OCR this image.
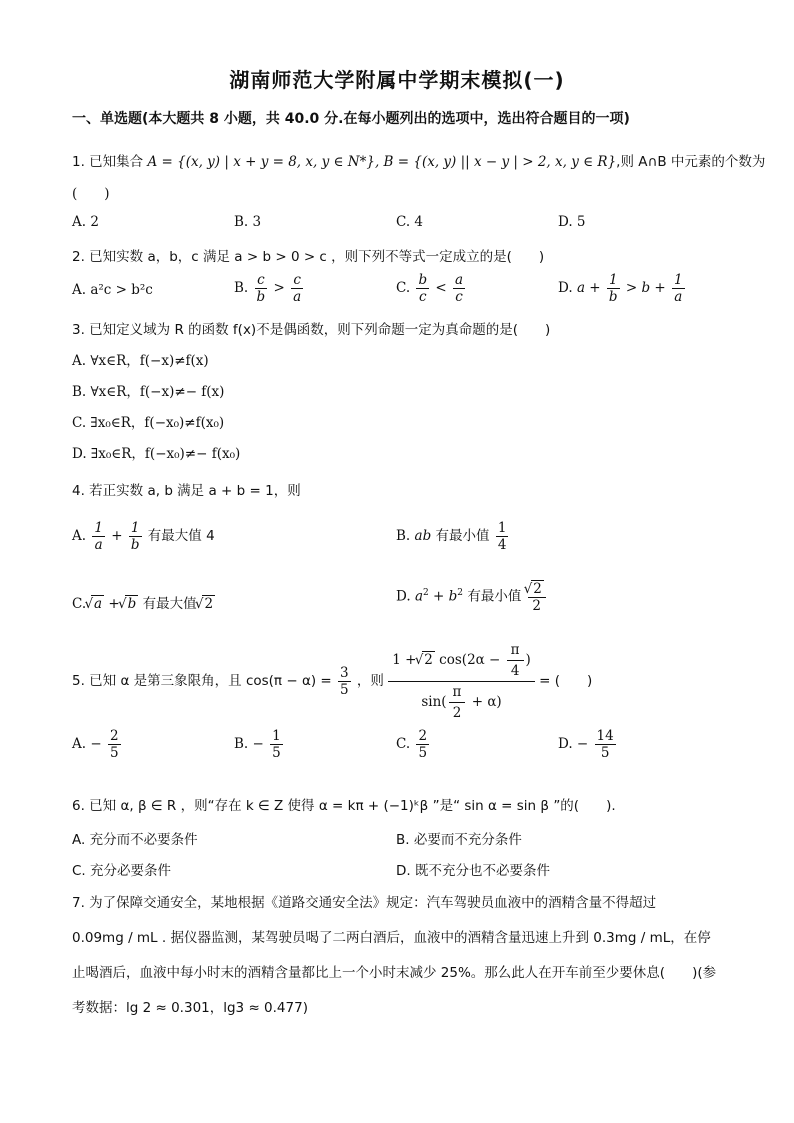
湖南师范大学附属中学期末模拟(一)
一、单选题(本大题共 8 小题，共 40.0 分.在每小题列出的选项中，选出符合题目的一项)
1. 已知集合 A = {(x, y) | x + y = 8, x, y ∈ N*}, B = {(x, y) || x − y | > 2, x, y ∈ R},则 A∩B 中元素的个数为
(　　)
A. 2	B. 3	C. 4	D. 5
2. 已知实数 a，b，c 满足 a > b > 0 > c ，则下列不等式一定成立的是(　　)
A. a²c > b²c	B. $\frac{c}{b} > \frac{c}{a}$	C. $\frac{b}{c} < \frac{a}{c}$	D. $a + \frac{1}{b} > b + \frac{1}{a}$
3. 已知定义域为 R 的函数 f(x)不是偶函数，则下列命题一定为真命题的是(　　)
A. ∀x∈R，f(−x)≠f(x)
B. ∀x∈R，f(−x)≠− f(x)
C. ∃x₀∈R，f(−x₀)≠f(x₀)
D. ∃x₀∈R，f(−x₀)≠− f(x₀)
4. 若正实数 a, b 满足 a + b = 1，则
A. $\frac{1}{a} + \frac{1}{b}$ 有最大值 4	B. ab 有最小值 $\frac{1}{4}$
C. √ a + √ b 有最大值 √ 2	D. $a^2 + b^2$ 有最小值 √ $\frac{2}{2}$
5. 已知 α 是第三象限角，且 $\cos(\pi - \alpha) = \frac{3}{5}$ ，则 $\frac{1 + √ 2 \cos(2\alpha - \frac{\pi}{4} )}{\sin( \frac{\pi}{2} + \alpha)}$ = (　　)
A. − $\frac{2}{5}$	B. − $\frac{1}{5}$	C. $\frac{2}{5}$	D. − $\frac{14}{5}$
6. 已知 α, β ∈ R ，则“存在 k ∈ Z 使得 α = kπ + (−1)ᵏβ ”是“ sin α = sin β ”的(　　).
A. 充分而不必要条件	B. 必要而不充分条件
C. 充分必要条件	D. 既不充分也不必要条件
7. 为了保障交通安全，某地根据《道路交通安全法》规定：汽车驾驶员血液中的酒精含量不得超过
0.09mg / mL . 据仪器监测，某驾驶员喝了二两白酒后，血液中的酒精含量迅速上升到 0.3mg / mL，在停
止喝酒后，血液中每小时末的酒精含量都比上一个小时末减少 25%。那么此人在开车前至少要休息(　　)(参
考数据：lg 2 ≈ 0.301，lg3 ≈ 0.477)
